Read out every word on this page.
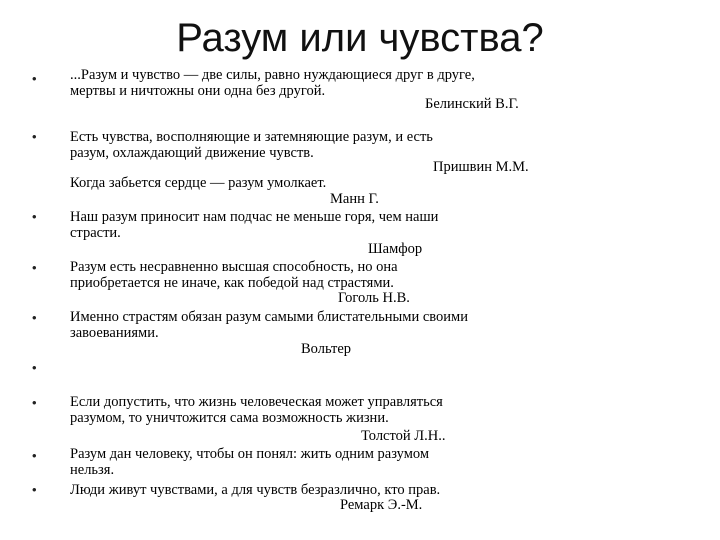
Разум или чувства?
•
•
•
•
•
•
•
•
•
...Разум и чувство — две силы, равно нуждающиеся друг в друге,
мертвы и ничтожны они одна без другой.
Белинский В.Г.
Есть чувства, восполняющие и затемняющие разум, и есть
разум, охлаждающий движение чувств.
Пришвин М.М.
Когда забьется сердце — разум умолкает.
Манн Г.
Наш разум приносит нам подчас не меньше горя, чем наши
страсти.
Шамфор
Разум есть несравненно высшая способность, но она
приобретается не иначе, как победой над страстями.
Гоголь Н.В.
Именно страстям обязан разум самыми блистательными своими
завоеваниями.
Вольтер
Если допустить, что жизнь человеческая может управляться
разумом, то уничтожится сама возможность жизни.
Толстой Л.Н..
Разум дан человеку, чтобы он понял: жить одним разумом
нельзя.
Люди живут чувствами, а для чувств безразлично, кто прав.
Ремарк Э.-М.
